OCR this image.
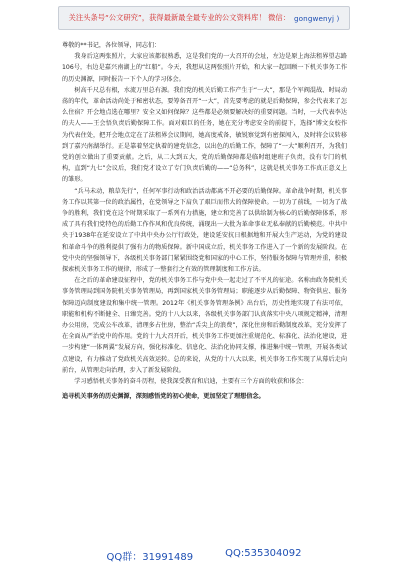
关注头条号“公文研究”，获得最新最全最专业的公文资料库！ 微信： gongwenyj )

尊敬的**书记，各位领导，同志们：

我身后这两张照片，大家应该都很熟悉，这是我们党的一大召开的会址，左边是原上海法租界望志路106号，右边是嘉兴南湖上的“红船”。今天，我想从这两张照片开始，和大家一起回顾一下机关事务工作的历史渊源，同时报告一下个人的学习体会。

树高千尺总有根，水流万里总有源。我们党的机关后勤工作产生于“一大”，那是个军阀混战、时局动荡的年代，革命活动尚处于秘密状态，要筹备召开“一大”，首先要考虑的就是后勤保障，参会代表来了怎么住宿？开会地点选在哪里？安全又如何保障？这些都是必须要解决好的重要问题。当时，一大代表李达的夫人——王会悟负责后勤保障工作。面对艰巨的任务，她在充分考虑安全的前提下，选择“博文女校作为代表住处，把开会地点定在了法租界会议期间，她高度戒备，敏锐察觉到有密探闯入，及时将会议转移到了嘉兴南湖举行。正是靠着坚定执着的建党信念，以出色的后勤工作，保障了“一大”顺利召开，为我们党的创立做出了重要贡献。之后，从二大到五大，党的后勤保障都是临时组建班子负责，没有专门的机构，直到“九七”会议后，我们党才设立了专门负责后勤的——“总务科”，这就是机关事务工作真正意义上的雏形。

“兵马未动，粮草先行”，任何军事行动和政治活动都离不开必要的后勤保障。革命战争时期，机关事务工作以其第一位的政治属性，在党领导之下肩负了艰巨而伟大的保障使命。一切为了前线，一切为了战争的胜利，我们党在这个时期采取了一系列有力措施，建立和完善了以供给制为核心的后勤保障体系，形成了具有我们党特色的后勤工作作风和优良传统，涌现出一大批为革命事业无私奉献的后勤模范。中共中央于1938年在延安设立了中共中央办公厅行政处，建设延安抗日根据地和开展大生产运动，为党的建设和革命斗争的胜利提供了强有力的物质保障。新中国成立后，机关事务工作进入了一个新的发展阶段。在党中央的坚强领导下，各级机关事务部门紧紧围绕党和国家的中心工作，坚持服务保障与管理并重，积极探索机关事务工作的规律，形成了一整套行之有效的管理制度和工作方法。

在之后的革命建设征程中，党的机关事务工作与党中央一起走过了不平凡的征途。名称由政务院机关事务管理局到国务院机关事务管理局，再到国家机关事务管理局；职能逐步从后勤保障、物资供应、服务保障迈向制度建设和集中统一管理。2012年《机关事务管理条例》出台后，历史性地实现了有法可依，职能和机构不断健全、日臻完善。党的十八大以来，各级机关事务部门认真落实中央八项规定精神，清理办公用房，完成公车改革，清理多占住房，整治“舌尖上的浪费”，深化住房和后勤制度改革，充分发挥了在全面从严治党中的作用。党的十九大召开后，机关事务工作更加注重规范化、标准化、法治化建设，进一步构建“一体两翼”发展方向，强化标准化、信息化、法治化协同支撑，推进集中统一管理，开展各类试点建设，有力推动了党政机关高效运转。总的来说，从党的十八大以来，机关事务工作实现了从幕后走向前台，从管理走向治理，步入了新发展阶段。

学习感悟机关事务的奋斗历程，使我深受教育和启迪，主要有三个方面的收获和体会：

追寻机关事务的历史渊源，深刻感悟党的初心使命，更加坚定了理想信念。

QQ群：31991489	QQ:535304092
